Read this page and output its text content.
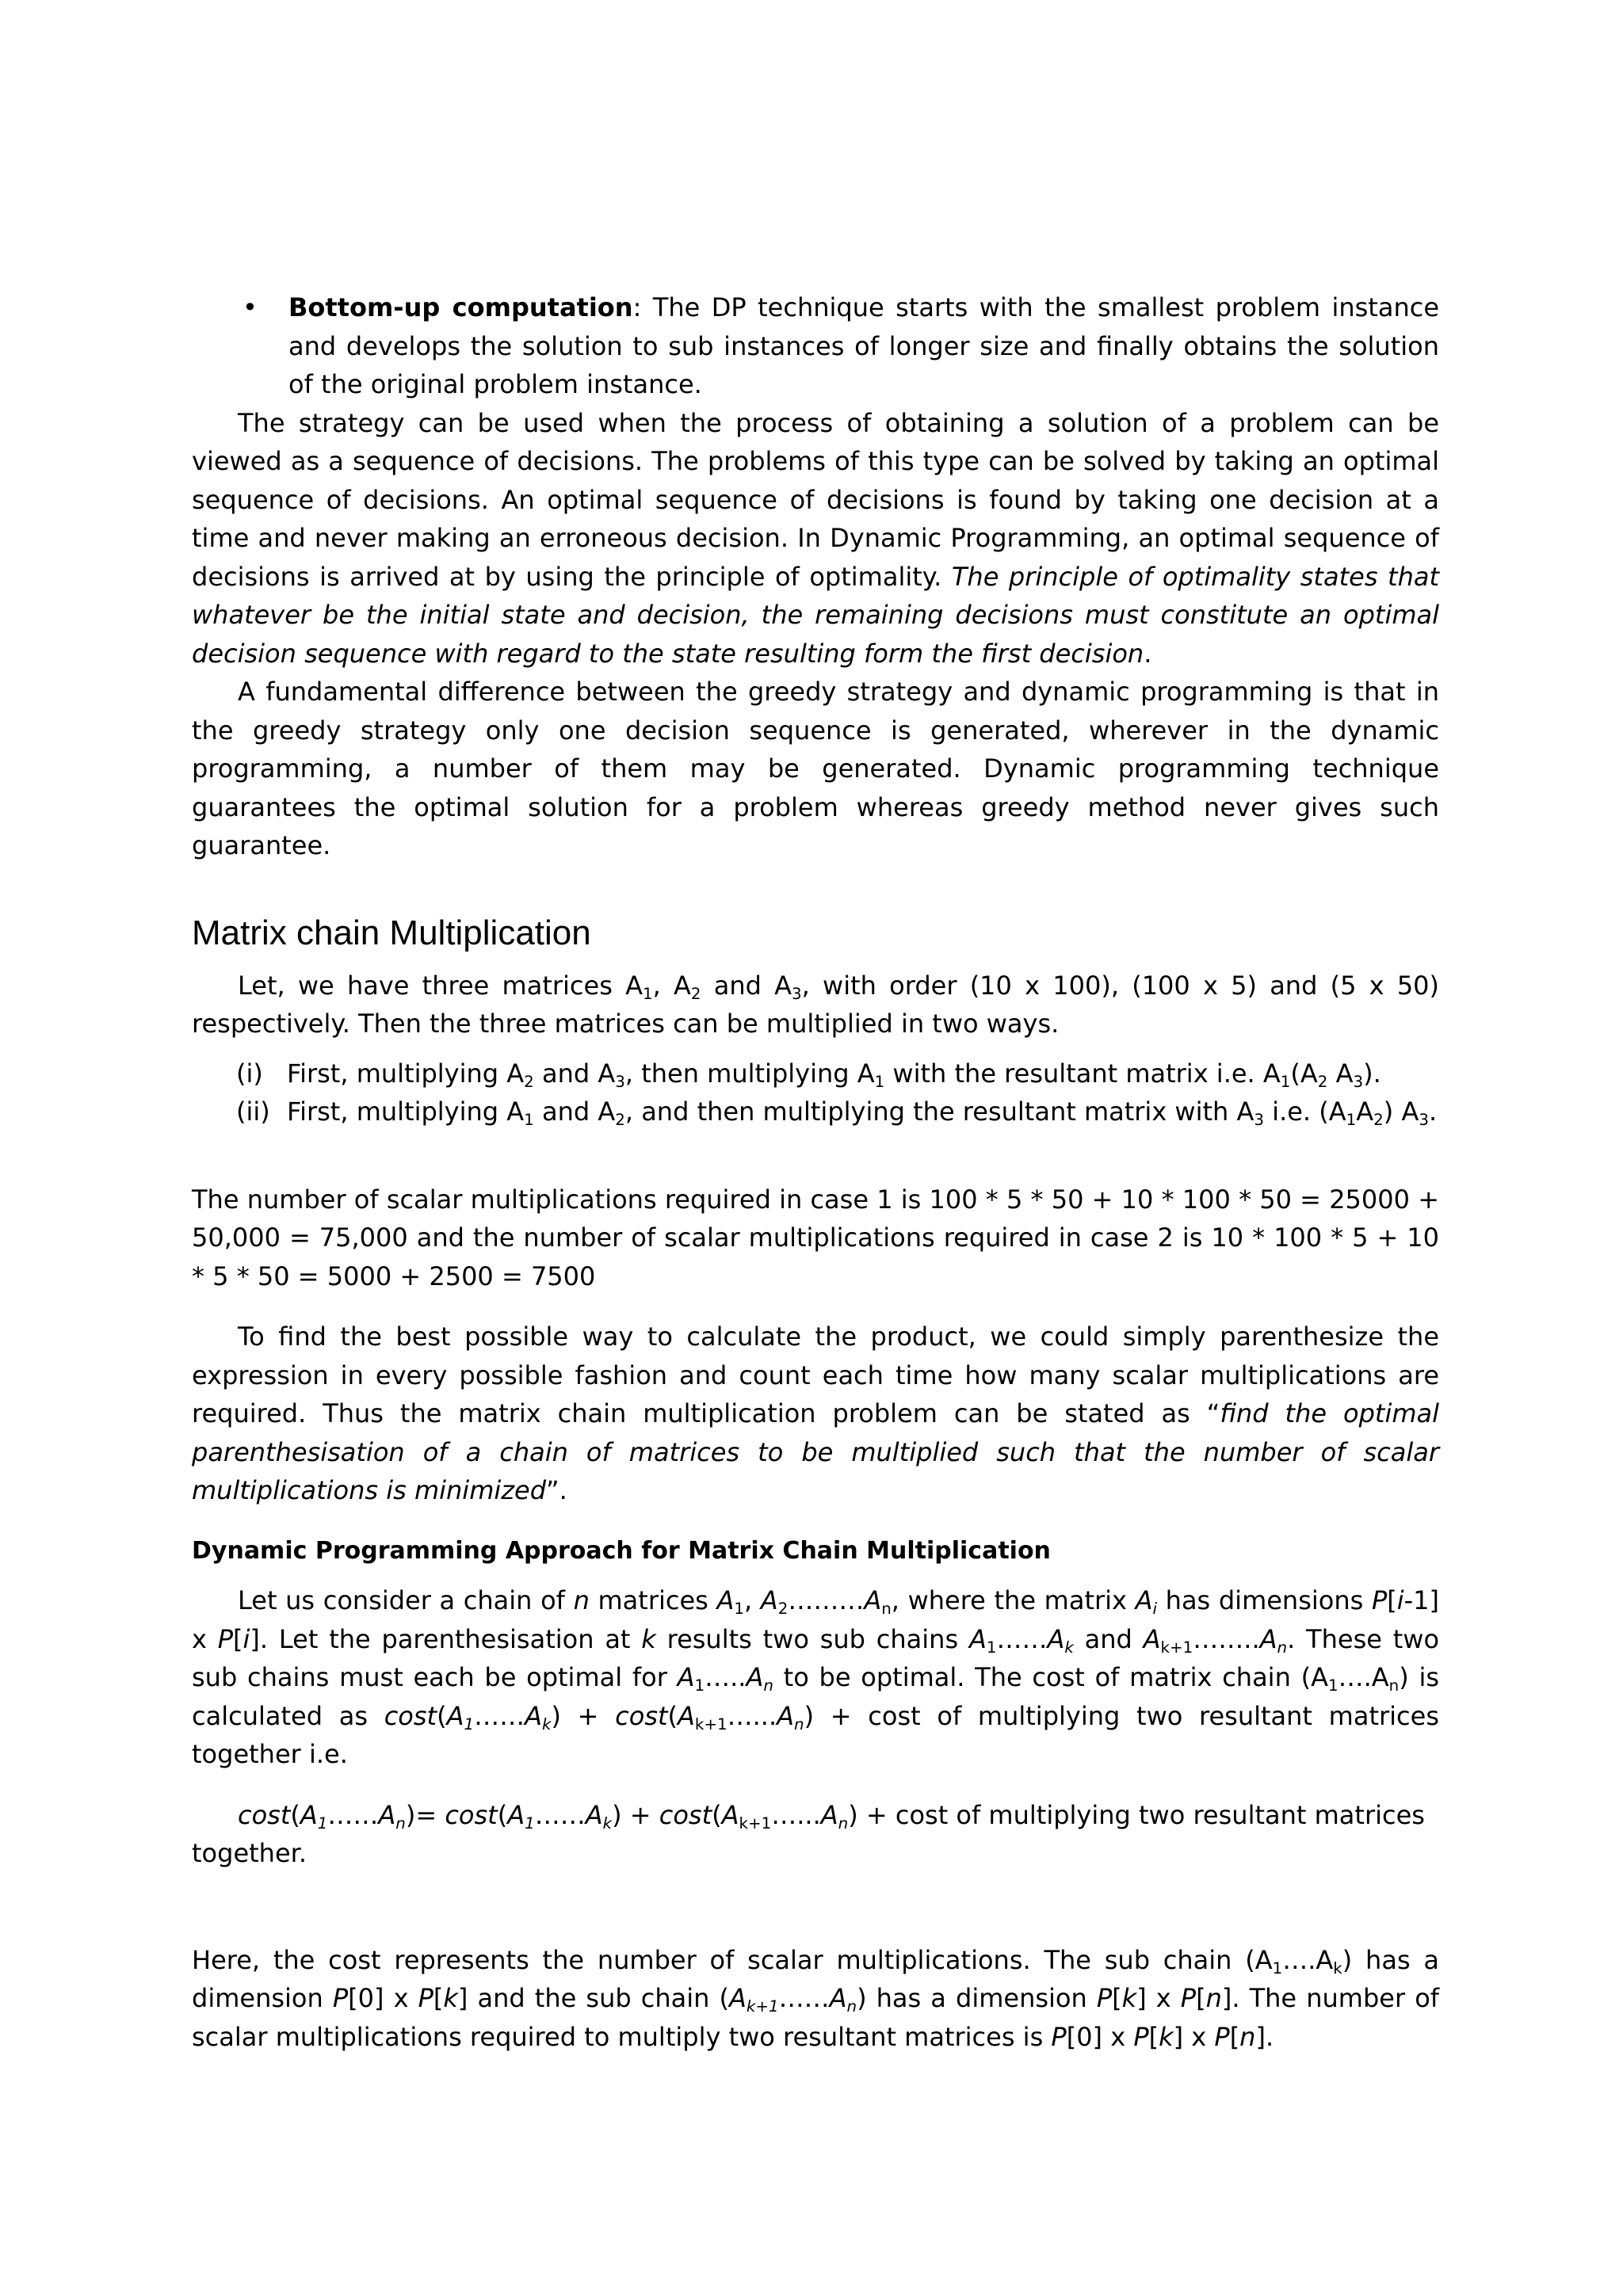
• Bottom-up computation: The DP technique starts with the smallest problem instance and develops the solution to sub instances of longer size and finally obtains the solution of the original problem instance.

The strategy can be used when the process of obtaining a solution of a problem can be viewed as a sequence of decisions. The problems of this type can be solved by taking an optimal sequence of decisions. An optimal sequence of decisions is found by taking one decision at a time and never making an erroneous decision. In Dynamic Programming, an optimal sequence of decisions is arrived at by using the principle of optimality. The principle of optimality states that whatever be the initial state and decision, the remaining decisions must constitute an optimal decision sequence with regard to the state resulting form the first decision.

A fundamental difference between the greedy strategy and dynamic programming is that in the greedy strategy only one decision sequence is generated, wherever in the dynamic programming, a number of them may be generated. Dynamic programming technique guarantees the optimal solution for a problem whereas greedy method never gives such guarantee.

Matrix chain Multiplication

Let, we have three matrices $A_1$, $A_2$ and $A_3$, with order (10 x 100), (100 x 5) and (5 x 50) respectively. Then the three matrices can be multiplied in two ways.

(i) First, multiplying $A_2$ and $A_3$, then multiplying $A_1$ with the resultant matrix i.e. $A_1(A_2$ $A_3$).

(ii) First, multiplying $A_1$ and $A_2$, and then multiplying the resultant matrix with $A_3$ i.e. $(A_1A_2)$ $A_3$.

The number of scalar multiplications required in case 1 is 100 * 5 * 50 + 10 * 100 * 50 = 25000 + 50,000 = 75,000 and the number of scalar multiplications required in case 2 is 10 * 100 * 5 + 10 * 5 * 50 = 5000 + 2500 = 7500

To find the best possible way to calculate the product, we could simply parenthesize the expression in every possible fashion and count each time how many scalar multiplications are required. Thus the matrix chain multiplication problem can be stated as “find the optimal parenthesisation of a chain of matrices to be multiplied such that the number of scalar multiplications is minimized”.

Dynamic Programming Approach for Matrix Chain Multiplication

Let us consider a chain of n matrices $A_1$, $A_2\dots\dots\dots A_n$, where the matrix $A_i$ has dimensions P[i-1] x P[i]. Let the parenthesisation at k results two sub chains $A_1\dots\dots A_k$ and $A_{k+1}\dots\dots..A_n$. These two sub chains must each be optimal for $A_1\dots..A_n$ to be optimal. The cost of matrix chain $(A_1\dots.A_n)$ is calculated as $\cos t(A_1\dots\dots A_k)$ + $\cos t(A_{k+1}\dots...A_n) + \cos t$ of multiplying two resultant matrices together i.e.

$\cos t(A_1\dots\dots A_n)=$ $\cos t(A_1\dots\dots A_k)$ + $\cos t(A_{k+1}\dots...A_n) + \cos t$ of multiplying two resultant matrices together.

Here, the cost represents the number of scalar multiplications. The sub chain $(A_1\dots.A_k)$ has a dimension P[0] x P[k] and the sub chain $(A_{k+1}\dots\dots A_n)$ has a dimension P[k] x P[n]. The number of scalar multiplications required to multiply two resultant matrices is P[0] x P[k] x P[n].
